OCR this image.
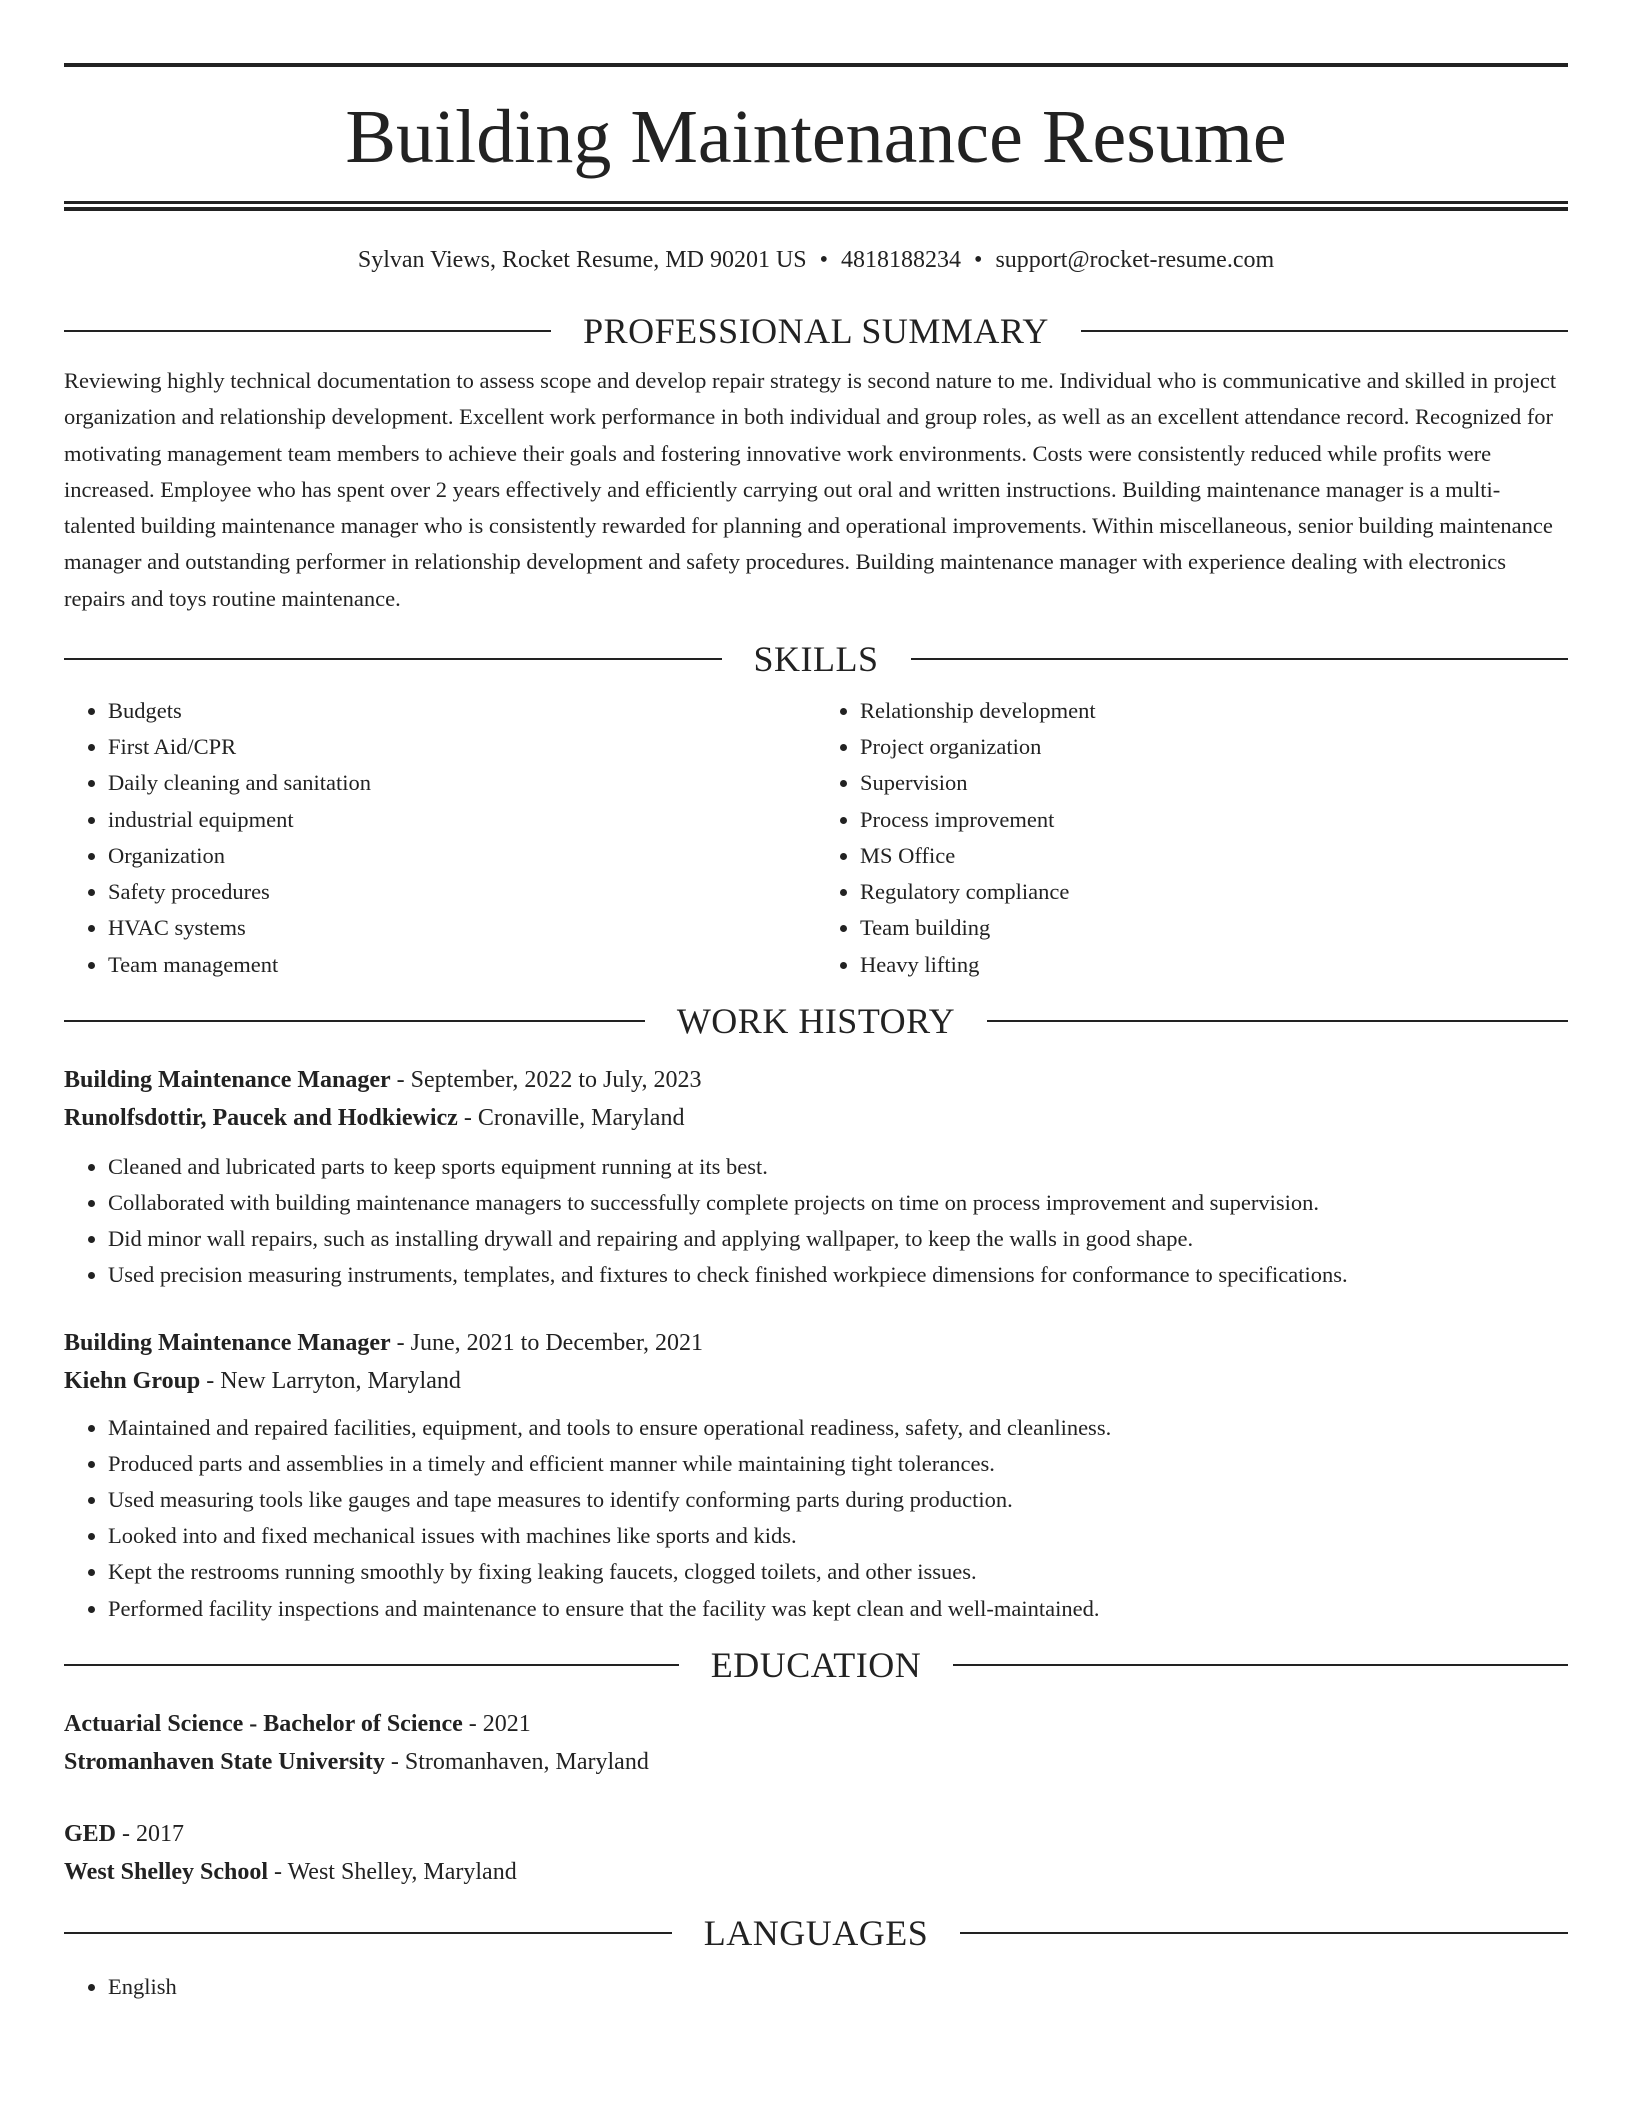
Building Maintenance Resume
Sylvan Views, Rocket Resume, MD 90201 US • 4818188234 • support@rocket-resume.com
PROFESSIONAL SUMMARY
Reviewing highly technical documentation to assess scope and develop repair strategy is second nature to me. Individual who is communicative and skilled in project organization and relationship development. Excellent work performance in both individual and group roles, as well as an excellent attendance record. Recognized for motivating management team members to achieve their goals and fostering innovative work environments. Costs were consistently reduced while profits were increased. Employee who has spent over 2 years effectively and efficiently carrying out oral and written instructions. Building maintenance manager is a multi-talented building maintenance manager who is consistently rewarded for planning and operational improvements. Within miscellaneous, senior building maintenance manager and outstanding performer in relationship development and safety procedures. Building maintenance manager with experience dealing with electronics repairs and toys routine maintenance.
SKILLS
• Budgets
• First Aid/CPR
• Daily cleaning and sanitation
• industrial equipment
• Organization
• Safety procedures
• HVAC systems
• Team management
• Relationship development
• Project organization
• Supervision
• Process improvement
• MS Office
• Regulatory compliance
• Team building
• Heavy lifting
WORK HISTORY
Building Maintenance Manager - September, 2022 to July, 2023
Runolfsdottir, Paucek and Hodkiewicz - Cronaville, Maryland
• Cleaned and lubricated parts to keep sports equipment running at its best.
• Collaborated with building maintenance managers to successfully complete projects on time on process improvement and supervision.
• Did minor wall repairs, such as installing drywall and repairing and applying wallpaper, to keep the walls in good shape.
• Used precision measuring instruments, templates, and fixtures to check finished workpiece dimensions for conformance to specifications.
Building Maintenance Manager - June, 2021 to December, 2021
Kiehn Group - New Larryton, Maryland
• Maintained and repaired facilities, equipment, and tools to ensure operational readiness, safety, and cleanliness.
• Produced parts and assemblies in a timely and efficient manner while maintaining tight tolerances.
• Used measuring tools like gauges and tape measures to identify conforming parts during production.
• Looked into and fixed mechanical issues with machines like sports and kids.
• Kept the restrooms running smoothly by fixing leaking faucets, clogged toilets, and other issues.
• Performed facility inspections and maintenance to ensure that the facility was kept clean and well-maintained.
EDUCATION
Actuarial Science - Bachelor of Science - 2021
Stromanhaven State University - Stromanhaven, Maryland
GED - 2017
West Shelley School - West Shelley, Maryland
LANGUAGES
• English
